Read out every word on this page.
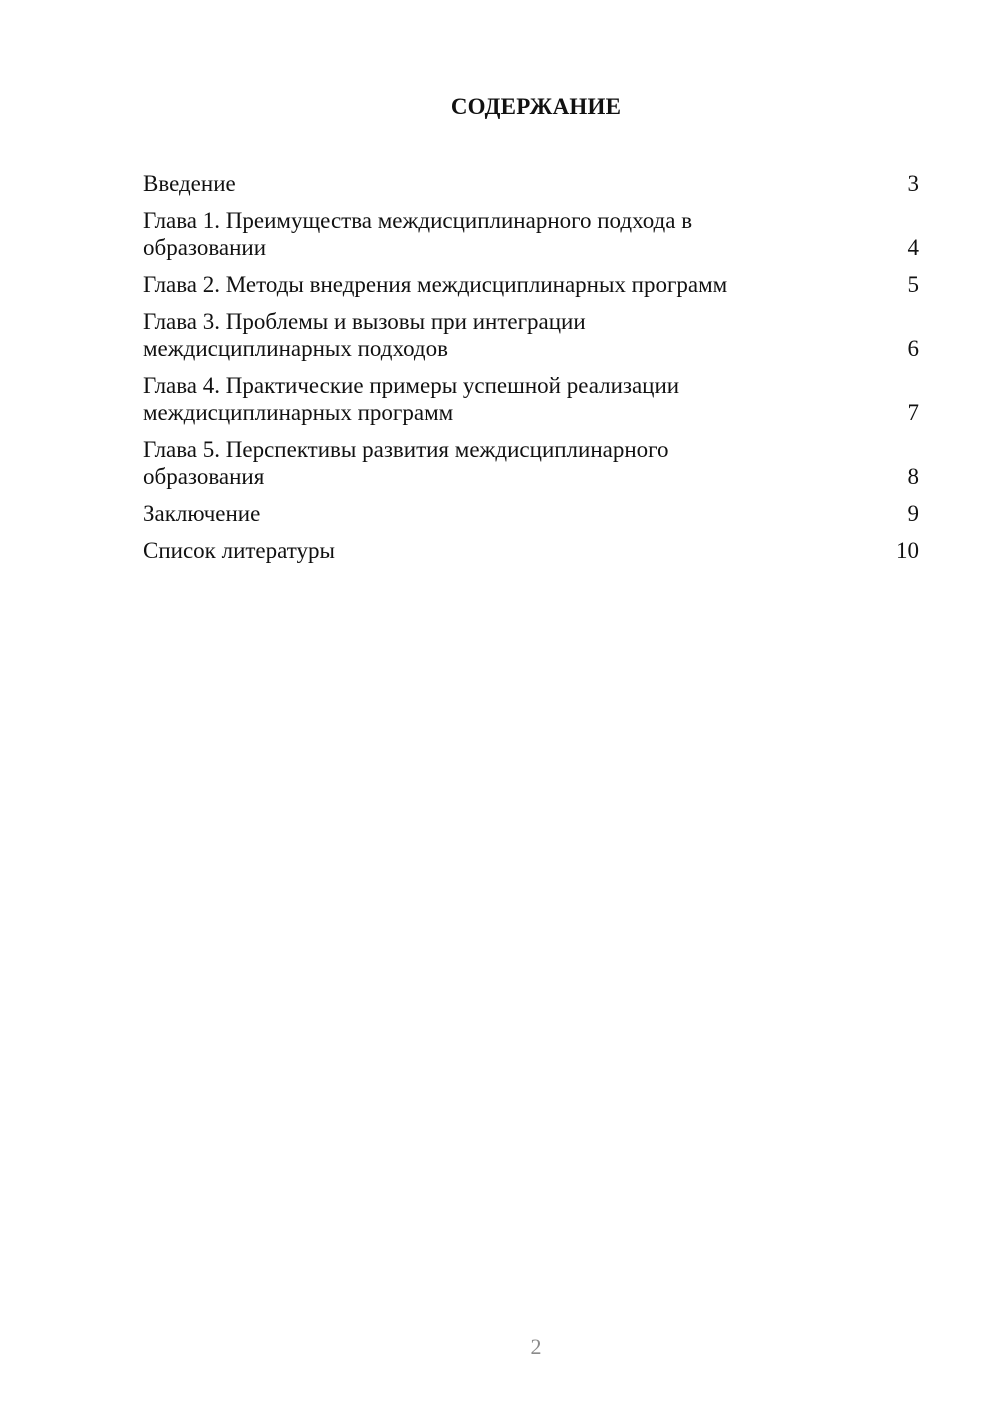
СОДЕРЖАНИЕ
Введение	3
Глава 1. Преимущества междисциплинарного подхода в
образовании	4
Глава 2. Методы внедрения междисциплинарных программ	5
Глава 3. Проблемы и вызовы при интеграции
междисциплинарных подходов	6
Глава 4. Практические примеры успешной реализации
междисциплинарных программ	7
Глава 5. Перспективы развития междисциплинарного
образования	8
Заключение	9
Список литературы	10
2
